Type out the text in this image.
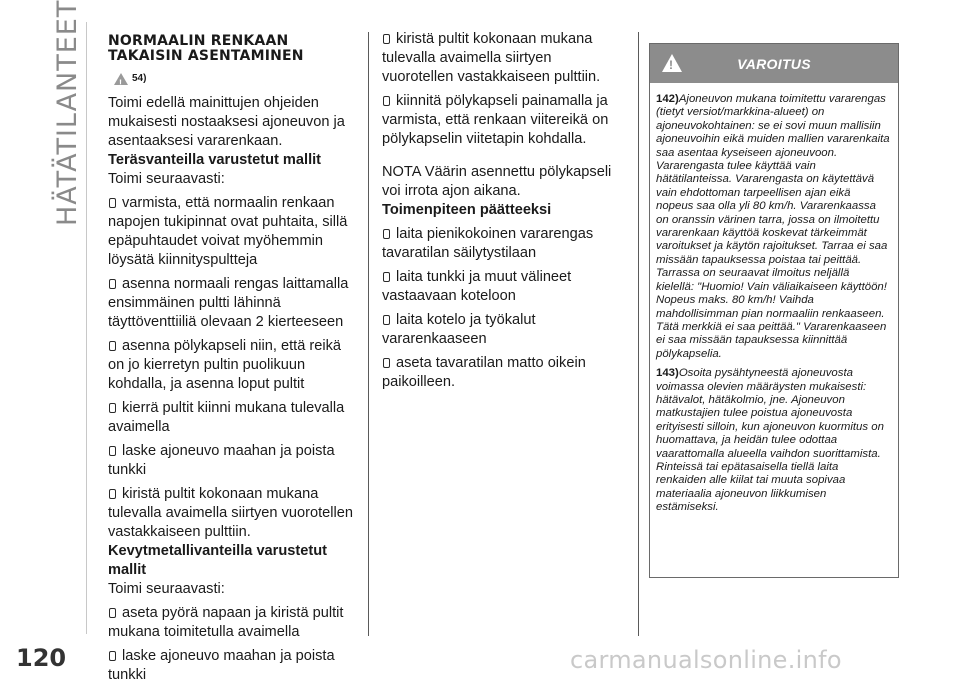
HÄTÄTILANTEET
120
NORMAALIN RENKAAN
TAKAISIN ASENTAMINEN
!
54)

Toimi edellä mainittujen ohjeiden mukaisesti nostaaksesi ajoneuvon ja asentaaksesi vararenkaan.

Teräsvanteilla varustetut mallit

Toimi seuraavasti:

varmista, että normaalin renkaan napojen tukipinnat ovat puhtaita, sillä epäpuhtaudet voivat myöhemmin löysätä kiinnityspultteja

asenna normaali rengas laittamalla ensimmäinen pultti lähinnä täyttöventtiiliä olevaan 2 kierteeseen

asenna pölykapseli niin, että reikä on jo kierretyn pultin puolikuun kohdalla, ja asenna loput pultit

kierrä pultit kiinni mukana tulevalla avaimella

laske ajoneuvo maahan ja poista tunkki

kiristä pultit kokonaan mukana tulevalla avaimella siirtyen vuorotellen vastakkaiseen pulttiin.

Kevytmetallivanteilla varustetut mallit

Toimi seuraavasti:

aseta pyörä napaan ja kiristä pultit mukana toimitetulla avaimella

laske ajoneuvo maahan ja poista tunkki

kiristä pultit kokonaan mukana tulevalla avaimella siirtyen vuorotellen vastakkaiseen pulttiin.

kiinnitä pölykapseli painamalla ja varmista, että renkaan viitereikä on pölykapselin viitetapin kohdalla.

NOTA Väärin asennettu pölykapseli voi irrota ajon aikana.

Toimenpiteen päätteeksi

laita pienikokoinen vararengas tavaratilan säilytystilaan

laita tunkki ja muut välineet vastaavaan koteloon

laita kotelo ja työkalut vararenkaaseen

aseta tavaratilan matto oikein paikoilleen.

!	VAROITUS

142)Ajoneuvon mukana toimitettu vararengas (tietyt versiot/markkina-alueet) on ajoneuvokohtainen: se ei sovi muun mallisiin ajoneuvoihin eikä muiden mallien vararenkaita saa asentaa kyseiseen ajoneuvoon. Vararengasta tulee käyttää vain hätätilanteissa. Vararengasta on käytettävä vain ehdottoman tarpeellisen ajan eikä nopeus saa olla yli 80 km/h. Vararenkaassa on oranssin värinen tarra, jossa on ilmoitettu vararenkaan käyttöä koskevat tärkeimmät varoitukset ja käytön rajoitukset. Tarraa ei saa missään tapauksessa poistaa tai peittää. Tarrassa on seuraavat ilmoitus neljällä kielellä: "Huomio! Vain väliaikaiseen käyttöön! Nopeus maks. 80 km/h! Vaihda mahdollisimman pian normaaliin renkaaseen. Tätä merkkiä ei saa peittää." Vararenkaaseen ei saa missään tapauksessa kiinnittää pölykapselia.

143)Osoita pysähtyneestä ajoneuvosta voimassa olevien määräysten mukaisesti: hätävalot, hätäkolmio, jne. Ajoneuvon matkustajien tulee poistua ajoneuvosta erityisesti silloin, kun ajoneuvon kuormitus on huomattava, ja heidän tulee odottaa vaarattomalla alueella vaihdon suorittamista. Rinteissä tai epätasaisella tiellä laita renkaiden alle kiilat tai muuta sopivaa materiaalia ajoneuvon liikkumisen estämiseksi.

carmanualsonline.info
